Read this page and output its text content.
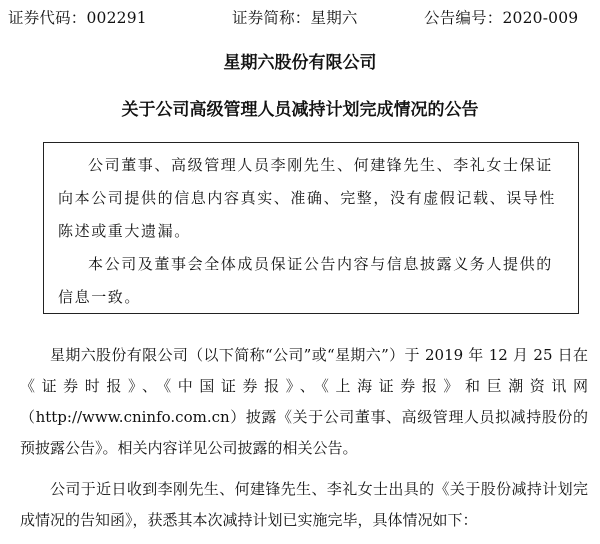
证券代码：002291	证券简称：星期六	公告编号：2020-009
星期六股份有限公司
关于公司高级管理人员减持计划完成情况的公告

公司董事、高级管理人员李刚先生、何建锋先生、李礼女士保证向本公司提供的信息内容真实、准确、完整，没有虚假记载、误导性陈述或重大遗漏。

本公司及董事会全体成员保证公告内容与信息披露义务人提供的信息一致。

星期六股份有限公司（以下简称“公司”或“星期六”）于 2019 年 12 月 25 日在《证券时报》、《中国证券报》、《上海证券报》和巨潮资讯网（http://www.cninfo.com.cn）披露《关于公司董事、高级管理人员拟减持股份的预披露公告》。相关内容详见公司披露的相关公告。

公司于近日收到李刚先生、何建锋先生、李礼女士出具的《关于股份减持计划完成情况的告知函》，获悉其本次减持计划已实施完毕，具体情况如下：
